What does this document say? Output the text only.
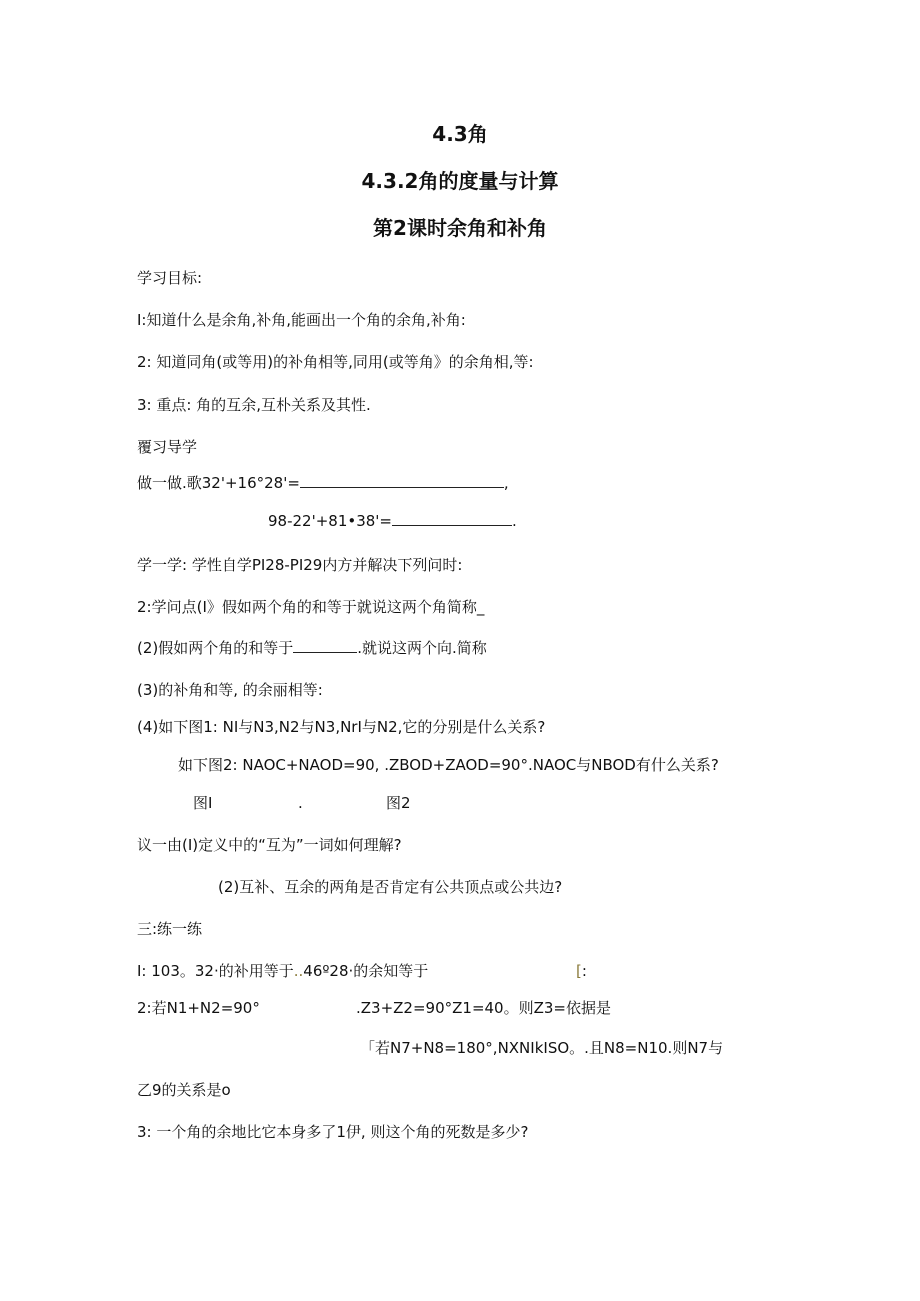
4.3角
4.3.2角的度量与计算
第2课时余角和补角
学习目标:
I:知道什么是余角,补角,能画出一个角的余角,补角:
2: 知道同角(或等用)的补角相等,同用(或等角》的余角相,等:
3: 重点: 角的互余,互朴关系及其性.
覆习导学
做一做.歌32'+16°28'=	,
98-22'+81•38'=	.
学一学: 学性自学PI28-PI29内方并解决下列问时:
2:学问点(I》假如两个角的和等于就说这两个角简称_
(2)假如两个角的和等于	.就说这两个向.简称
(3)的补角和等, 的余丽相等:
(4)如下图1: NI与N3,N2与N3,NrI与N2,它的分别是什么关系?
如下图2: NAOC+NAOD=90, .ZBOD+ZAOD=90°.NAOC与NBOD有什么关系?
图I	.	图2
议一由(I)定义中的“互为”一词如何理解?
(2)互补、互余的两角是否肯定有公共顶点或公共边?
三:练一练
I: 103。32·的补用等于..46º28·的余知等于	[:
2:若N1+N2=90°	.Z3+Z2=90°Z1=40。则Z3=依据是
「若N7+N8=180°,NXNIkISO。.且N8=N10.则N7与
乙9的关系是o
3: 一个角的余地比它本身多了1伊, 则这个角的死数是多少?
